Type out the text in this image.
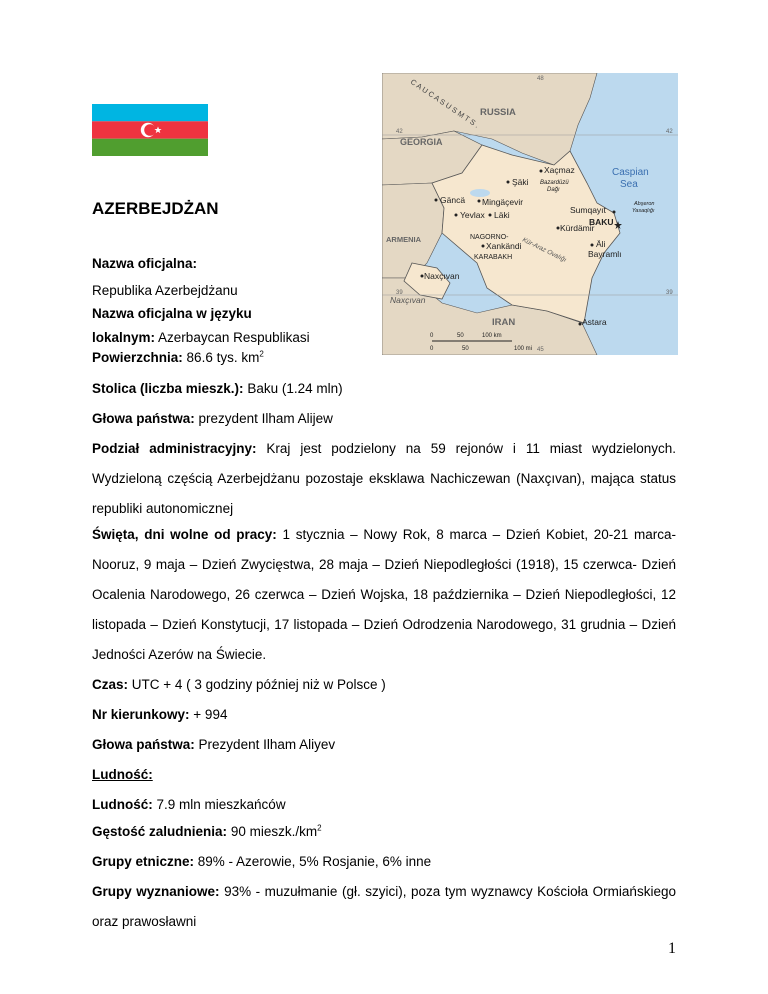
AZERBEJDŻAN
RUSSIA
GEORGIA
ARMENIA
IRAN
Caspian
Sea
C A U C A S U S M T S .
Xaçmaz
Şäki Bazardüzü
Dağı
Gäncä Mingäçevir
Yevlax Läki	Sumqayıt
BAKU
Abşeron
Yasaqlığı
Kürdämir
NAGORNO-
Xankändi
KARABAKH
Äli
Bayramlı
Kür-Araz Ovalığı
Naxçıvan
Naxçıvan
Astara
42
39
48
42
39
45
0	50	100 km
0	50	100 mi
Nazwa oficjalna:
Republika Azerbejdżanu
Nazwa oficjalna w języku
lokalnym: Azerbaycan Respublikasi
Powierzchnia: 86.6 tys. $km^2$
Stolica (liczba mieszk.): Baku (1.24 mln)
Głowa państwa: prezydent Ilham Alijew
Podział administracyjny: Kraj jest podzielony na 59 rejonów i 11 miast wydzielonych. Wydzieloną częścią Azerbejdżanu pozostaje eksklawa Nachiczewan (Naxçıvan), mająca status republiki autonomicznej
Święta, dni wolne od pracy: 1 stycznia – Nowy Rok, 8 marca – Dzień Kobiet, 20-21 marca- Nooruz, 9 maja – Dzień Zwycięstwa, 28 maja – Dzień Niepodległości (1918), 15 czerwca- Dzień Ocalenia Narodowego, 26 czerwca – Dzień Wojska, 18 października – Dzień Niepodległości, 12 listopada – Dzień Konstytucji, 17 listopada – Dzień Odrodzenia Narodowego, 31 grudnia – Dzień Jedności Azerów na Świecie.
Czas: UTC + 4 ( 3 godziny później niż w Polsce )
Nr kierunkowy: + 994
Głowa państwa: Prezydent Ilham Aliyev
Ludność:
Ludność: 7.9 mln mieszkańców
Gęstość zaludnienia: 90 $mieszk./km^2$
Grupy etniczne: 89% - Azerowie, 5% Rosjanie, 6% inne
Grupy wyznaniowe: 93% - muzułmanie (gł. szyici), poza tym wyznawcy Kościoła Ormiańskiego oraz prawosławni
1
